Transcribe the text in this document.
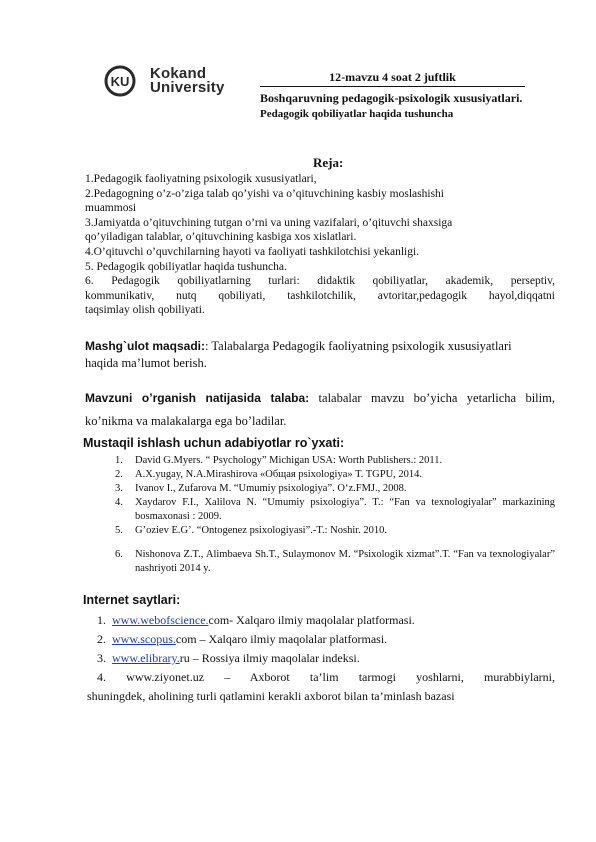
KU Kokand
University
12-mavzu 4 soat 2 juftlik
Boshqaruvning pedagogik-psixologik xususiyatlari. Pedagogik qobiliyatlar haqida tushuncha
Reja:

1.Pedagogik faoliyatning psixologik xususiyatlari,

2.Pedagogning o’z-o’ziga talab qo’yishi va o’qituvchining kasbiy moslashishi

muammosi

3.Jamiyatda o’qituvchining tutgan o’rni va uning vazifalari, o’qituvchi shaxsiga

qo’yiladigan talablar, o’qituvchining kasbiga xos xislatlari.

4.O’qituvchi o’quvchilarning hayoti va faoliyati tashkilotchisi yekanligi.

5. Pedagogik qobiliyatlar haqida tushuncha.

6. Pedagogik qobiliyatlarning turlari: didaktik qobiliyatlar, akademik, perseptiv,

kommunikativ, nutq qobiliyati, tashkilotchilik, avtoritar,pedagogik hayol,diqqatni

taqsimlay olish qobiliyati.

Mashg`ulot maqsadi:: Talabalarga Pedagogik faoliyatning psixologik xususiyatlari
haqida ma’lumot berish.
Mavzuni o’rganish natijasida talaba: talabalar mavzu bo’yicha yetarlicha bilim,
ko’nikma va malakalarga ega bo’ladilar.
Mustaqil ishlash uchun adabiyotlar ro`yxati:
1. David G.Myers. “ Psychology” Michigan USA: Worth Publishers.: 2011.
2. A.X.yugay, N.A.Mirashirova «Общая psixologiya» T. TGPU, 2014.
3. Ivanov I., Zufarova M. “Umumiy psixologiya”. O‘z.FMJ., 2008.
4. Xaydarov F.I., Xalilova N. “Umumiy psixologiya”. T.: “Fan va texnologiyalar” markazining bosmaxonasi : 2009.
5. G’oziev E.G’. “Ontogenez psixologiyasi”.-T.: Noshir. 2010.
6. Nishonova Z.T., Alimbaeva Sh.T., Sulaymonov M. “Psixologik xizmat”.T. “Fan va texnologiyalar” nashriyoti 2014 y.
Internet saytlari:
1. www.webofscience.com- Xalqaro ilmiy maqolalar platformasi.
2. www.scopus.com – Xalqaro ilmiy maqolalar platformasi.
3. www.elibrary.ru – Rossiya ilmiy maqolalar indeksi.
4. www.ziyonet.uz – Axborot ta’lim tarmogi yoshlarni, murabbiylarni,
shuningdek, aholining turli qatlamini kerakli axborot bilan ta’minlash bazasi
